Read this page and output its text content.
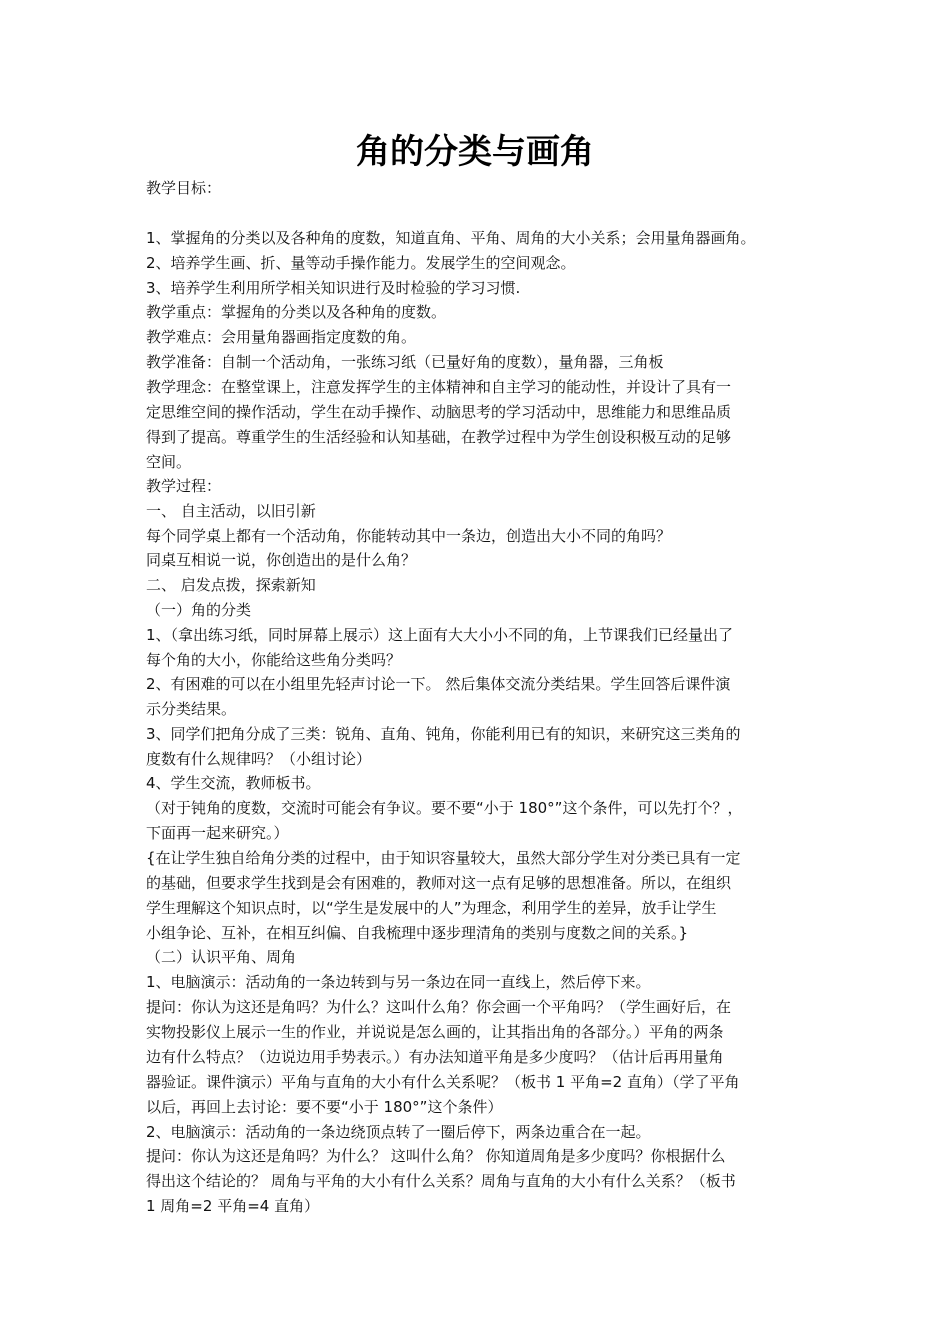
角的分类与画角
教学目标：
1、掌握角的分类以及各种角的度数，知道直角、平角、周角的大小关系；会用量角器画角。
2、培养学生画、折、量等动手操作能力。发展学生的空间观念。
3、培养学生利用所学相关知识进行及时检验的学习习惯.
教学重点：掌握角的分类以及各种角的度数。
教学难点：会用量角器画指定度数的角。
教学准备：自制一个活动角，一张练习纸（已量好角的度数），量角器，三角板
教学理念：在整堂课上，注意发挥学生的主体精神和自主学习的能动性，并设计了具有一
定思维空间的操作活动，学生在动手操作、动脑思考的学习活动中，思维能力和思维品质
得到了提高。尊重学生的生活经验和认知基础，在教学过程中为学生创设积极互动的足够
空间。
教学过程：
一、 自主活动，以旧引新
每个同学桌上都有一个活动角，你能转动其中一条边，创造出大小不同的角吗？
同桌互相说一说，你创造出的是什么角？
二、 启发点拨，探索新知
（一）角的分类
1、（拿出练习纸，同时屏幕上展示）这上面有大大小小不同的角，上节课我们已经量出了
每个角的大小，你能给这些角分类吗？
2、有困难的可以在小组里先轻声讨论一下。 然后集体交流分类结果。学生回答后课件演
示分类结果。
3、同学们把角分成了三类：锐角、直角、钝角，你能利用已有的知识，来研究这三类角的
度数有什么规律吗？（小组讨论）
4、学生交流，教师板书。
（对于钝角的度数，交流时可能会有争议。要不要“小于 180°”这个条件，可以先打个？，
下面再一起来研究。）
{在让学生独自给角分类的过程中，由于知识容量较大，虽然大部分学生对分类已具有一定
的基础，但要求学生找到是会有困难的，教师对这一点有足够的思想准备。所以，在组织
学生理解这个知识点时，以“学生是发展中的人”为理念，利用学生的差异，放手让学生
小组争论、互补，在相互纠偏、自我梳理中逐步理清角的类别与度数之间的关系。}
（二）认识平角、周角
1、电脑演示：活动角的一条边转到与另一条边在同一直线上，然后停下来。
提问：你认为这还是角吗？为什么？这叫什么角？你会画一个平角吗？（学生画好后，在
实物投影仪上展示一生的作业，并说说是怎么画的，让其指出角的各部分。）平角的两条
边有什么特点？（边说边用手势表示。）有办法知道平角是多少度吗？（估计后再用量角
器验证。课件演示）平角与直角的大小有什么关系呢？（板书 1 平角=2 直角）（学了平角
以后，再回上去讨论：要不要“小于 180°”这个条件）
2、电脑演示：活动角的一条边绕顶点转了一圈后停下，两条边重合在一起。
提问：你认为这还是角吗？为什么？ 这叫什么角？ 你知道周角是多少度吗？你根据什么
得出这个结论的？ 周角与平角的大小有什么关系？周角与直角的大小有什么关系？（板书
1 周角=2 平角=4 直角）
